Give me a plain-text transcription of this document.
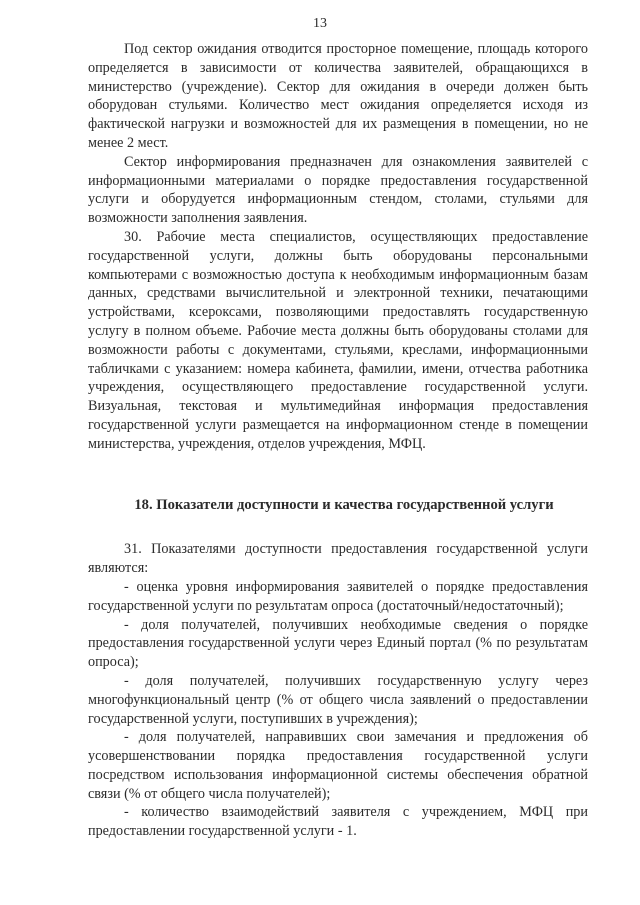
13

Под сектор ожидания отводится просторное помещение, площадь которого определяется в зависимости от количества заявителей, обращающихся в министерство (учреждение). Сектор для ожидания в очереди должен быть оборудован стульями. Количество мест ожидания определяется исходя из фактической нагрузки и возможностей для их размещения в помещении, но не менее 2 мест.

Сектор информирования предназначен для ознакомления заявителей с информационными материалами о порядке предоставления государственной услуги и оборудуется информационным стендом, столами, стульями для возможности заполнения заявления.

30. Рабочие места специалистов, осуществляющих предоставление государственной услуги, должны быть оборудованы персональными компьютерами с возможностью доступа к необходимым информационным базам данных, средствами вычислительной и электронной техники, печатающими устройствами, ксероксами, позволяющими предоставлять государственную услугу в полном объеме. Рабочие места должны быть оборудованы столами для возможности работы с документами, стульями, креслами, информационными табличками с указанием: номера кабинета, фамилии, имени, отчества работника учреждения, осуществляющего предоставление государственной услуги. Визуальная, текстовая и мультимедийная информация предоставления государственной услуги размещается на информационном стенде в помещении министерства, учреждения, отделов учреждения, МФЦ.

18. Показатели доступности и качества государственной услуги

31. Показателями доступности предоставления государственной услуги являются:

- оценка уровня информирования заявителей о порядке предоставления государственной услуги по результатам опроса (достаточный/недостаточный);

- доля получателей, получивших необходимые сведения о порядке предоставления государственной услуги через Единый портал (% по результатам опроса);

- доля получателей, получивших государственную услугу через многофункциональный центр (% от общего числа заявлений о предоставлении государственной услуги, поступивших в учреждения);

- доля получателей, направивших свои замечания и предложения об усовершенствовании порядка предоставления государственной услуги посредством использования информационной системы обеспечения обратной связи (% от общего числа получателей);

- количество взаимодействий заявителя с учреждением, МФЦ при предоставлении государственной услуги - 1.
